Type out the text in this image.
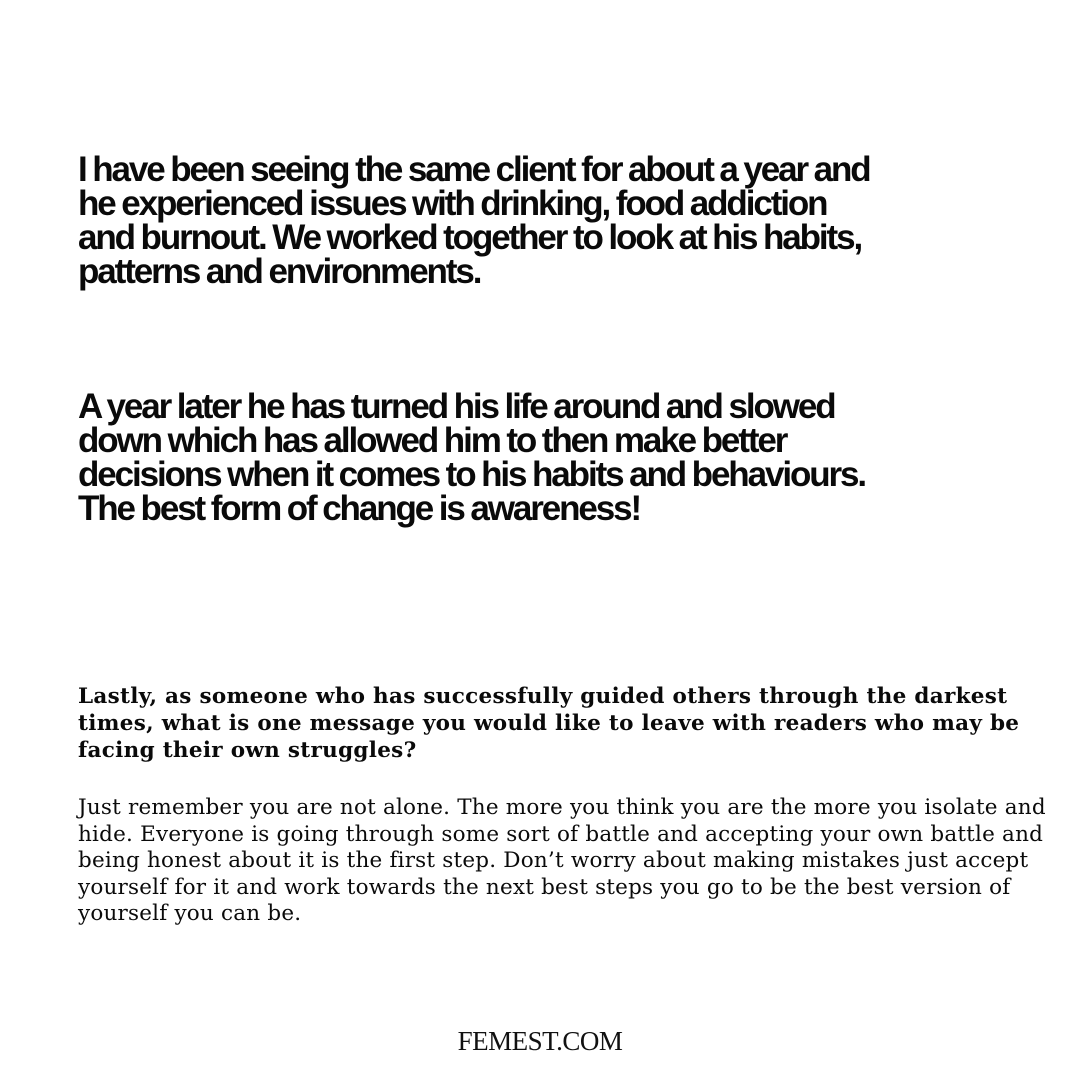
I have been seeing the same client for about a year and he experienced issues with drinking, food addiction and burnout. We worked together to look at his habits, patterns and environments.

A year later he has turned his life around and slowed down which has allowed him to then make better decisions when it comes to his habits and behaviours. The best form of change is awareness!

Lastly, as someone who has successfully guided others through the darkest times, what is one message you would like to leave with readers who may be facing their own struggles?

Just remember you are not alone. The more you think you are the more you isolate and hide. Everyone is going through some sort of battle and accepting your own battle and being honest about it is the first step. Don’t worry about making mistakes just accept yourself for it and work towards the next best steps you go to be the best version of yourself you can be.

FEMEST.COM
